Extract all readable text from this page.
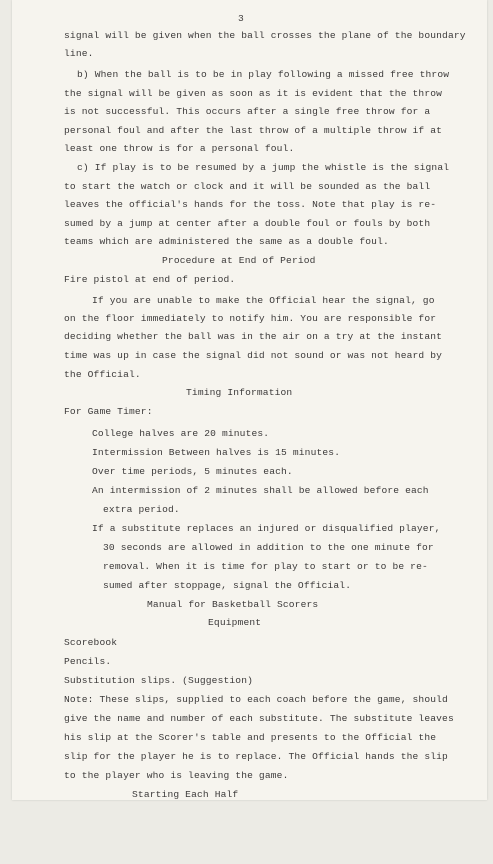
3

signal will be given when the ball crosses the plane of the boundary

line.

b) When the ball is to be in play following a missed free throw

the signal will be given as soon as it is evident that the throw

is not successful. This occurs after a single free throw for a

personal foul and after the last throw of a multiple throw if at

least one throw is for a personal foul.

c) If play is to be resumed by a jump the whistle is the signal

to start the watch or clock and it will be sounded as the ball

leaves the official's hands for the toss. Note that play is re-

sumed by a jump at center after a double foul or fouls by both

teams which are administered the same as a double foul.

Procedure at End of Period

Fire pistol at end of period.

If you are unable to make the Official hear the signal, go

on the floor immediately to notify him. You are responsible for

deciding whether the ball was in the air on a try at the instant

time was up in case the signal did not sound or was not heard by

the Official.

Timing Information

For Game Timer:

College halves are 20 minutes.

Intermission Between halves is 15 minutes.

Over time periods, 5 minutes each.

An intermission of 2 minutes shall be allowed before each

extra period.

If a substitute replaces an injured or disqualified player,

30 seconds are allowed in addition to the one minute for

removal. When it is time for play to start or to be re-

sumed after stoppage, signal the Official.

Manual for Basketball Scorers

Equipment

Scorebook

Pencils.

Substitution slips. (Suggestion)

Note: These slips, supplied to each coach before the game, should

give the name and number of each substitute. The substitute leaves

his slip at the Scorer's table and presents to the Official the

slip for the player he is to replace. The Official hands the slip

to the player who is leaving the game.

Starting Each Half
